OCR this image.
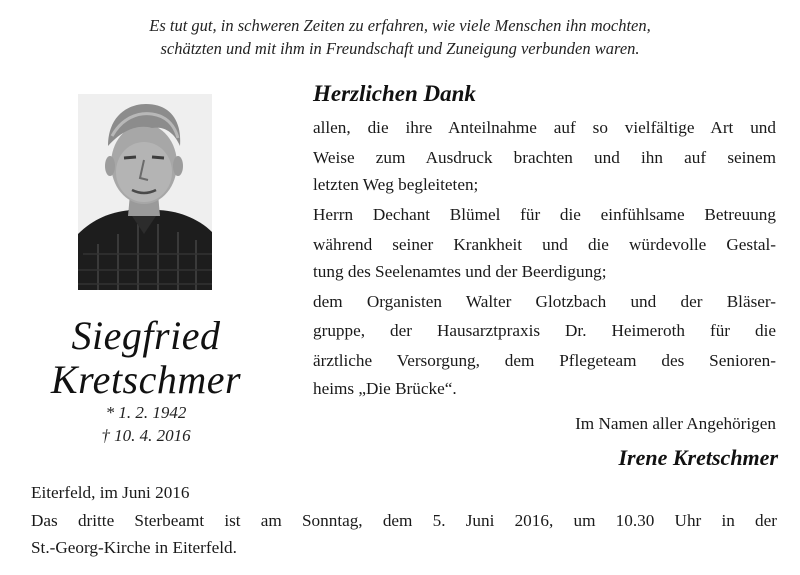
Es tut gut, in schweren Zeiten zu erfahren, wie viele Menschen ihn mochten,
schätzten und mit ihm in Freundschaft und Zuneigung verbunden waren.
Siegfried
Kretschmer
* 1. 2. 1942
† 10. 4. 2016
Herzlichen Dank
allen, die ihre Anteilnahme auf so vielfältige Art und
Weise zum Ausdruck brachten und ihn auf seinem
letzten Weg begleiteten;
Herrn Dechant Blümel für die einfühlsame Betreuung
während seiner Krankheit und die würdevolle Gestal-
tung des Seelenamtes und der Beerdigung;
dem Organisten Walter Glotzbach und der Bläser-
gruppe, der Hausarztpraxis Dr. Heimeroth für die
ärztliche Versorgung, dem Pflegeteam des Senioren-
heims „Die Brücke“.
Im Namen aller Angehörigen
Irene Kretschmer
Eiterfeld, im Juni 2016
Das dritte Sterbeamt ist am Sonntag, dem 5. Juni 2016, um 10.30 Uhr in der
St.-Georg-Kirche in Eiterfeld.
